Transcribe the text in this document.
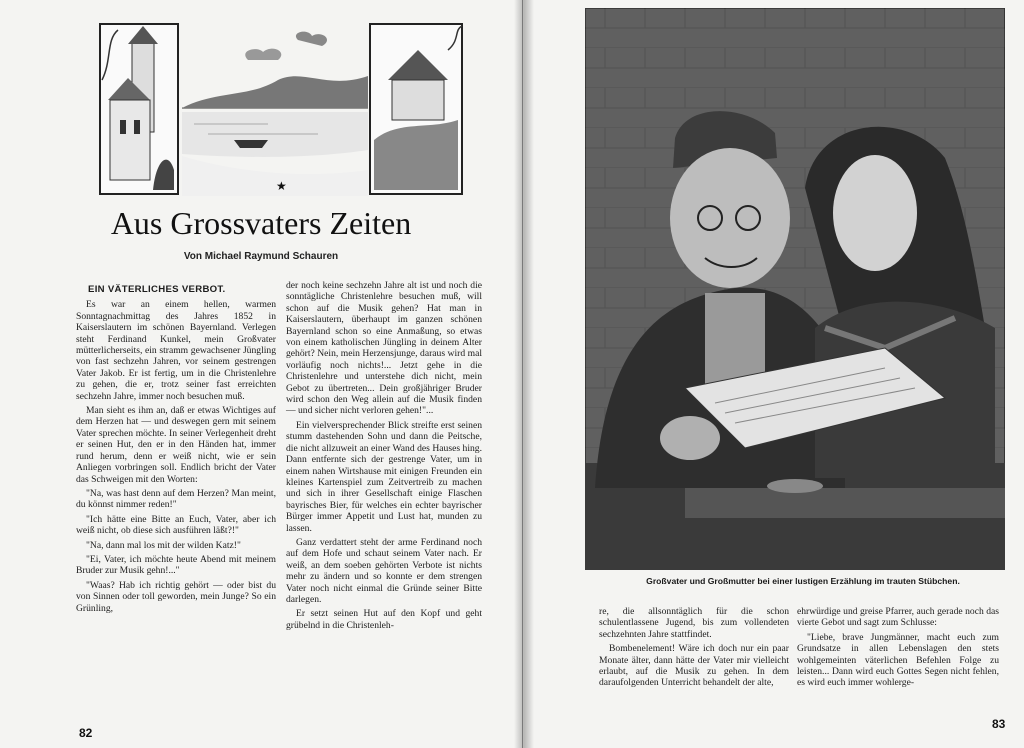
★
Aus Grossvaters Zeiten
Von Michael Raymund Schauren
EIN VÄTERLICHES VERBOT.

Es war an einem hellen, warmen Sonntagnachmittag des Jahres 1852 in Kaiserslautern im schönen Bayernland. Verlegen steht Ferdinand Kunkel, mein Großvater mütterlicherseits, ein stramm gewachsener Jüngling von fast sechzehn Jahren, vor seinem gestrengen Vater Jakob. Er ist fertig, um in die Christenlehre zu gehen, die er, trotz seiner fast erreichten sechzehn Jahre, immer noch besuchen muß.

Man sieht es ihm an, daß er etwas Wichtiges auf dem Herzen hat — und deswegen gern mit seinem Vater sprechen möchte. In seiner Verlegenheit dreht er seinen Hut, den er in den Händen hat, immer rund herum, denn er weiß nicht, wie er sein Anliegen vorbringen soll. Endlich bricht der Vater das Schweigen mit den Worten:

"Na, was hast denn auf dem Herzen? Man meint, du könnst nimmer reden!"

"Ich hätte eine Bitte an Euch, Vater, aber ich weiß nicht, ob diese sich ausführen läßt?!"

"Na, dann mal los mit der wilden Katz!"

"Ei, Vater, ich möchte heute Abend mit meinem Bruder zur Musik gehn!..."

"Waas? Hab ich richtig gehört — oder bist du von Sinnen oder toll geworden, mein Junge? So ein Grünling,

der noch keine sechzehn Jahre alt ist und noch die sonntägliche Christenlehre besuchen muß, will schon auf die Musik gehen? Hat man in Kaiserslautern, überhaupt im ganzen schönen Bayernland schon so eine Anmaßung, so etwas von einem katholischen Jüngling in deinem Alter gehört? Nein, mein Herzensjunge, daraus wird mal vorläufig noch nichts!... Jetzt gehe in die Christenlehre und unterstehe dich nicht, mein Gebot zu übertreten... Dein großjähriger Bruder wird schon den Weg allein auf die Musik finden — und sicher nicht verloren gehen!"...

Ein vielversprechender Blick streifte erst seinen stumm dastehenden Sohn und dann die Peitsche, die nicht allzuweit an einer Wand des Hauses hing. Dann entfernte sich der gestrenge Vater, um in einem nahen Wirtshause mit einigen Freunden ein kleines Kartenspiel zum Zeitvertreib zu machen und sich in ihrer Gesellschaft einige Flaschen bayrisches Bier, für welches ein echter bayrischer Bürger immer Appetit und Lust hat, munden zu lassen.

Ganz verdattert steht der arme Ferdinand noch auf dem Hofe und schaut seinem Vater nach. Er weiß, an dem soeben gehörten Verbote ist nichts mehr zu ändern und so konnte er dem strengen Vater noch nicht einmal die Gründe seiner Bitte darlegen.

Er setzt seinen Hut auf den Kopf und geht grübelnd in die Christenleh-

82
Großvater und Großmutter bei einer lustigen Erzählung im trauten Stübchen.

re, die allsonntäglich für die schon schulentlassene Jugend, bis zum vollendeten sechzehnten Jahre stattfindet.

Bombenelement! Wäre ich doch nur ein paar Monate älter, dann hätte der Vater mir vielleicht erlaubt, auf die Musik zu gehen. In dem daraufolgenden Unterricht behandelt der alte,

ehrwürdige und greise Pfarrer, auch gerade noch das vierte Gebot und sagt zum Schlusse:

"Liebe, brave Jungmänner, macht euch zum Grundsatze in allen Lebenslagen den stets wohlgemeinten väterlichen Befehlen Folge zu leisten... Dann wird euch Gottes Segen nicht fehlen, es wird euch immer wohlerge-

83
